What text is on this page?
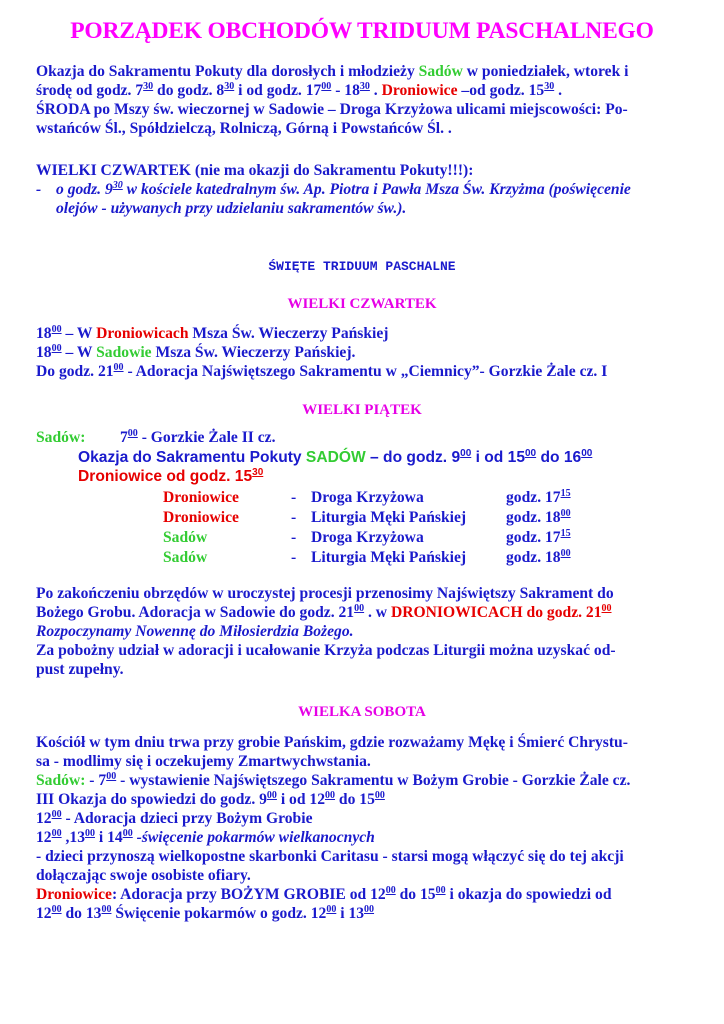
PORZĄDEK OBCHODÓW TRIDUUM PASCHALNEGO
Okazja do Sakramentu Pokuty dla dorosłych i młodzieży Sadów w poniedziałek, wtorek i
środę od godz. $7^{30}$ do godz. $8^{30}$ i od godz. $17^{00} - 18^{30}$ . Droniowice –od godz. $15^{30}$ .
ŚRODA po Mszy św. wieczornej w Sadowie – Droga Krzyżowa ulicami miejscowości: Po-
wstańców Śl., Spółdzielczą, Rolniczą, Górną i Powstańców Śl. .
WIELKI CZWARTEK (nie ma okazji do Sakramentu Pokuty!!!):
- o godz. $9^{30}$ w kościele katedralnym św. Ap. Piotra i Pawła Msza Św. Krzyżma (poświęcenie
olejów - używanych przy udzielaniu sakramentów św.).
ŚWIĘTE TRIDUUM PASCHALNE
WIELKI CZWARTEK
$18^{00}$ – W Droniowicach Msza Św. Wieczerzy Pańskiej
$18^{00}$ – W Sadowie Msza Św. Wieczerzy Pańskiej.
Do godz. $21^{00}$ - Adoracja Najświętszego Sakramentu w „Ciemnicy”- Gorzkie Żale cz. I
WIELKI PIĄTEK
Sadów: $7^{00}$ - Gorzkie Żale II cz.
Okazja do Sakramentu Pokuty SADÓW – do godz. $9^{00}$ i od $15^{00}$ do $16^{00}$
Droniowice od godz. $15^{30}$
Droniowice	-	Droga Krzyżowa	godz. $17^{15}$
Droniowice	-	Liturgia Męki Pańskiej	godz. $18^{00}$
Sadów	-	Droga Krzyżowa	godz. $17^{15}$
Sadów	-	Liturgia Męki Pańskiej	godz. $18^{00}$
Po zakończeniu obrzędów w uroczystej procesji przenosimy Najświętszy Sakrament do
Bożego Grobu. Adoracja w Sadowie do godz. $21^{00}$ . w DRONIOWICACH do godz. $21^{00}$
Rozpoczynamy Nowennę do Miłosierdzia Bożego.
Za pobożny udział w adoracji i ucałowanie Krzyża podczas Liturgii można uzyskać od-
pust zupełny.
WIELKA SOBOTA
Kościół w tym dniu trwa przy grobie Pańskim, gdzie rozważamy Mękę i Śmierć Chrystu-
sa - modlimy się i oczekujemy Zmartwychwstania.
Sadów: - $7^{00}$ - wystawienie Najświętszego Sakramentu w Bożym Grobie - Gorzkie Żale cz.
III Okazja do spowiedzi do godz. $9^{00}$ i od $12^{00}$ do $15^{00}$
$12^{00}$ - Adoracja dzieci przy Bożym Grobie
$12^{00}$ $,13^{00}$ i $14^{00}$ -święcenie pokarmów wielkanocnych
- dzieci przynoszą wielkopostne skarbonki Caritasu - starsi mogą włączyć się do tej akcji
dołączając swoje osobiste ofiary.
Droniowice: Adoracja przy BOŻYM GROBIE od $12^{00}$ do $15^{00}$ i okazja do spowiedzi od
$12^{00}$ do $13^{00}$ Święcenie pokarmów o godz. $12^{00}$ i $13^{00}$
